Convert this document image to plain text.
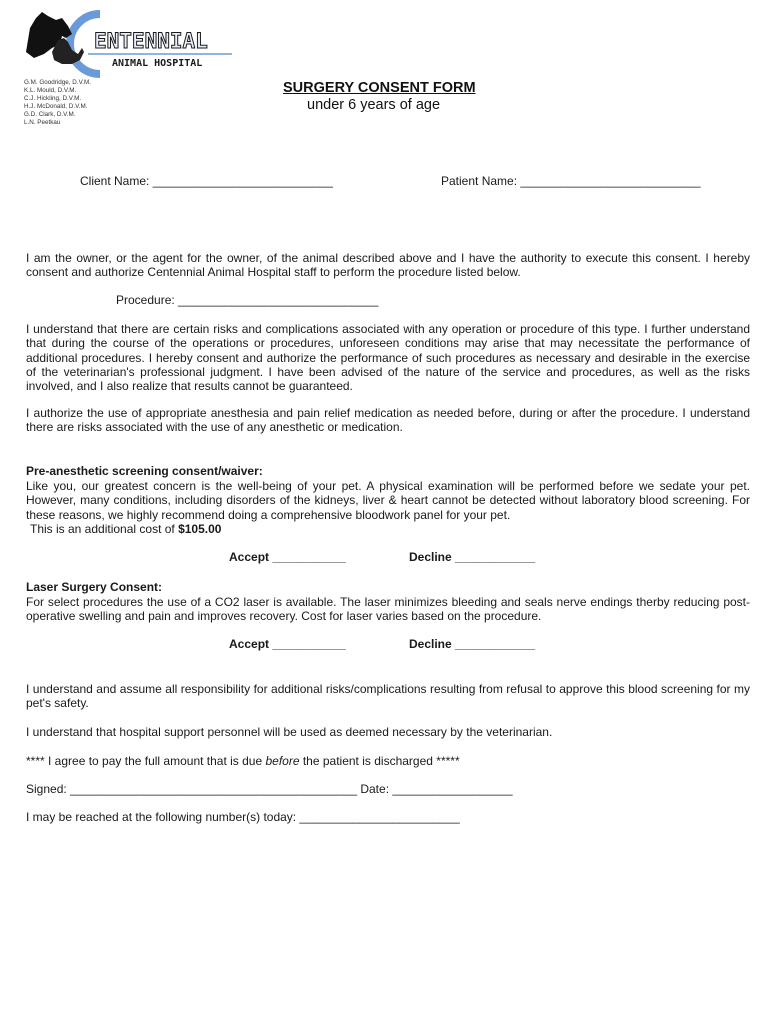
ENTENNIAL
ANIMAL HOSPITAL
G.M. Goodridge, D.V.M.
K.L. Mould, D.V.M.
C.J. Hickling, D.V.M.
H.J. McDonald, D.V.M.
G.D. Clark, D.V.M.
L.N. Peetkau
SURGERY CONSENT FORM
under 6 years of age
Client Name: ___________________________	Patient Name: ___________________________
I am the owner, or the agent for the owner, of the animal described above and I have the authority to execute this consent. I hereby consent and authorize Centennial Animal Hospital staff to perform the procedure listed below.
Procedure: ______________________________
I understand that there are certain risks and complications associated with any operation or procedure of this type. I further understand that during the course of the operations or procedures, unforeseen conditions may arise that may necessitate the performance of additional procedures. I hereby consent and authorize the performance of such procedures as necessary and desirable in the exercise of the veterinarian's professional judgment. I have been advised of the nature of the service and procedures, as well as the risks involved, and I also realize that results cannot be guaranteed.
I authorize the use of appropriate anesthesia and pain relief medication as needed before, during or after the procedure. I understand there are risks associated with the use of any anesthetic or medication.
Pre-anesthetic screening consent/waiver:
Like you, our greatest concern is the well-being of your pet. A physical examination will be performed before we sedate your pet. However, many conditions, including disorders of the kidneys, liver & heart cannot be detected without laboratory blood screening. For these reasons, we highly recommend doing a comprehensive bloodwork panel for your pet.
This is an additional cost of $105.00
Accept ___________	Decline ____________
Laser Surgery Consent:
For select procedures the use of a CO2 laser is available. The laser minimizes bleeding and seals nerve endings therby reducing post-operative swelling and pain and improves recovery. Cost for laser varies based on the procedure.
Accept ___________	Decline ____________
I understand and assume all responsibility for additional risks/complications resulting from refusal to approve this blood screening for my pet's safety.
I understand that hospital support personnel will be used as deemed necessary by the veterinarian.
**** I agree to pay the full amount that is due before the patient is discharged *****
Signed: ___________________________________________ Date: __________________
I may be reached at the following number(s) today: ________________________
